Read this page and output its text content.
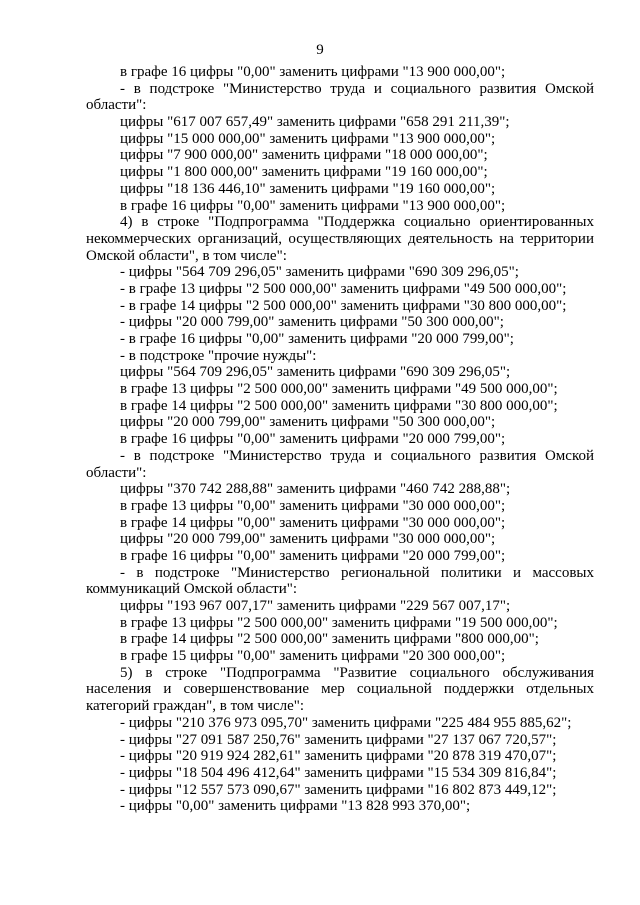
9
в графе 16 цифры "0,00" заменить цифрами "13 900 000,00";
- в подстроке "Министерство труда и социального развития Омской
области":
цифры "617 007 657,49" заменить цифрами "658 291 211,39";
цифры "15 000 000,00" заменить цифрами "13 900 000,00";
цифры "7 900 000,00" заменить цифрами "18 000 000,00";
цифры "1 800 000,00" заменить цифрами "19 160 000,00";
цифры "18 136 446,10" заменить цифрами "19 160 000,00";
в графе 16 цифры "0,00" заменить цифрами "13 900 000,00";
4) в строке "Подпрограмма "Поддержка социально ориентированных
некоммерческих организаций, осуществляющих деятельность на территории
Омской области", в том числе":
- цифры "564 709 296,05" заменить цифрами "690 309 296,05";
- в графе 13 цифры "2 500 000,00" заменить цифрами "49 500 000,00";
- в графе 14 цифры "2 500 000,00" заменить цифрами "30 800 000,00";
- цифры "20 000 799,00" заменить цифрами "50 300 000,00";
- в графе 16 цифры "0,00" заменить цифрами "20 000 799,00";
- в подстроке "прочие нужды":
цифры "564 709 296,05" заменить цифрами "690 309 296,05";
в графе 13 цифры "2 500 000,00" заменить цифрами "49 500 000,00";
в графе 14 цифры "2 500 000,00" заменить цифрами "30 800 000,00";
цифры "20 000 799,00" заменить цифрами "50 300 000,00";
в графе 16 цифры "0,00" заменить цифрами "20 000 799,00";
- в подстроке "Министерство труда и социального развития Омской
области":
цифры "370 742 288,88" заменить цифрами "460 742 288,88";
в графе 13 цифры "0,00" заменить цифрами "30 000 000,00";
в графе 14 цифры "0,00" заменить цифрами "30 000 000,00";
цифры "20 000 799,00" заменить цифрами "30 000 000,00";
в графе 16 цифры "0,00" заменить цифрами "20 000 799,00";
- в подстроке "Министерство региональной политики и массовых
коммуникаций Омской области":
цифры "193 967 007,17" заменить цифрами "229 567 007,17";
в графе 13 цифры "2 500 000,00" заменить цифрами "19 500 000,00";
в графе 14 цифры "2 500 000,00" заменить цифрами "800 000,00";
в графе 15 цифры "0,00" заменить цифрами "20 300 000,00";
5) в строке "Подпрограмма "Развитие социального обслуживания
населения и совершенствование мер социальной поддержки отдельных
категорий граждан", в том числе":
- цифры "210 376 973 095,70" заменить цифрами "225 484 955 885,62";
- цифры "27 091 587 250,76" заменить цифрами "27 137 067 720,57";
- цифры "20 919 924 282,61" заменить цифрами "20 878 319 470,07";
- цифры "18 504 496 412,64" заменить цифрами "15 534 309 816,84";
- цифры "12 557 573 090,67" заменить цифрами "16 802 873 449,12";
- цифры "0,00" заменить цифрами "13 828 993 370,00";
